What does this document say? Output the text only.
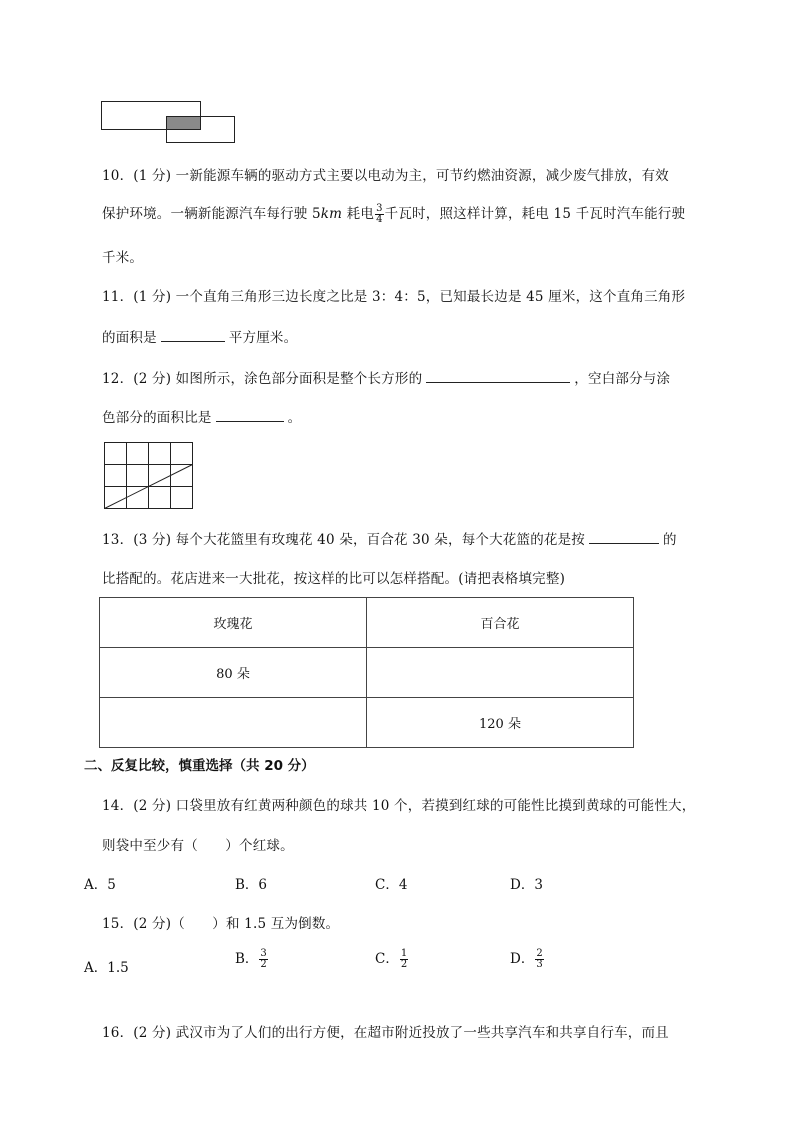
10．(1 分) 一新能源车辆的驱动方式主要以电动为主，可节约燃油资源，减少废气排放，有效
保护环境。一辆新能源汽车每行驶 5km 耗电 $\frac{3}{4}$ 千瓦时，照这样计算，耗电 15 千瓦时汽车能行驶
千米。
11．(1 分) 一个直角三角形三边长度之比是 3：4：5，已知最长边是 45 厘米，这个直角三角形
的面积是	平方厘米。
12．(2 分) 如图所示，涂色部分面积是整个长方形的	，空白部分与涂
色部分的面积比是	。
13．(3 分) 每个大花篮里有玫瑰花 40 朵，百合花 30 朵，每个大花篮的花是按	的
比搭配的。花店进来一大批花，按这样的比可以怎样搭配。(请把表格填完整)
玫瑰花	百合花
80 朵	
	120 朵
二、反复比较，慎重选择（共 20 分）
14．(2 分) 口袋里放有红黄两种颜色的球共 10 个，若摸到红球的可能性比摸到黄球的可能性大，
则袋中至少有（　　）个红球。
A．5	B．6	C．4	D．3
15．(2 分)（　　）和 1.5 互为倒数。
A．1.5
B． $\frac{3}{2}$	C． $\frac{1}{2}$	D． $\frac{2}{3}$
16．(2 分) 武汉市为了人们的出行方便，在超市附近投放了一些共享汽车和共享自行车，而且
